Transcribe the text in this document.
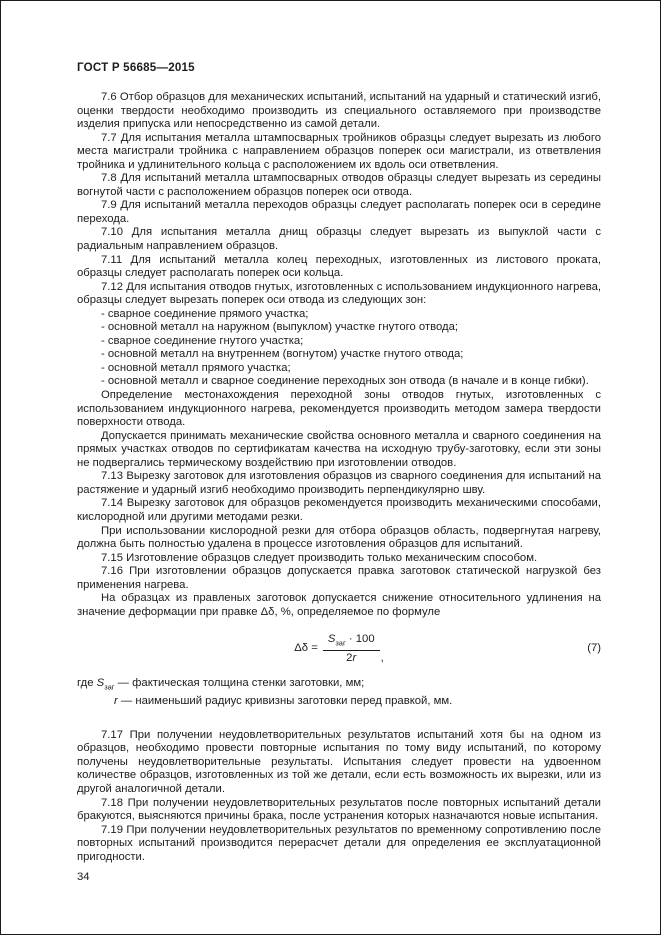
ГОСТ Р 56685—2015

7.6 Отбор образцов для механических испытаний, испытаний на ударный и статический изгиб, оценки твердости необходимо производить из специального оставляемого при производстве изделия припуска или непосредственно из самой детали.

7.7 Для испытания металла штампосварных тройников образцы следует вырезать из любого места магистрали тройника с направлением образцов поперек оси магистрали, из ответвления тройника и удлинительного кольца с расположением их вдоль оси ответвления.

7.8 Для испытаний металла штампосварных отводов образцы следует вырезать из середины вогнутой части с расположением образцов поперек оси отвода.

7.9 Для испытаний металла переходов образцы следует располагать поперек оси в середине перехода.

7.10 Для испытания металла днищ образцы следует вырезать из выпуклой части с радиальным направлением образцов.

7.11 Для испытаний металла колец переходных, изготовленных из листового проката, образцы следует располагать поперек оси кольца.

7.12 Для испытания отводов гнутых, изготовленных с использованием индукционного нагрева, образцы следует вырезать поперек оси отвода из следующих зон:

- сварное соединение прямого участка;
- основной металл на наружном (выпуклом) участке гнутого отвода;
- сварное соединение гнутого участка;
- основной металл на внутреннем (вогнутом) участке гнутого отвода;
- основной металл прямого участка;
- основной металл и сварное соединение переходных зон отвода (в начале и в конце гибки).

Определение местонахождения переходной зоны отводов гнутых, изготовленных с использованием индукционного нагрева, рекомендуется производить методом замера твердости поверхности отвода.

Допускается принимать механические свойства основного металла и сварного соединения на прямых участках отводов по сертификатам качества на исходную трубу-заготовку, если эти зоны не подвергались термическому воздействию при изготовлении отводов.

7.13 Вырезку заготовок для изготовления образцов из сварного соединения для испытаний на растяжение и ударный изгиб необходимо производить перпендикулярно шву.

7.14 Вырезку заготовок для образцов рекомендуется производить механическими способами, кислородной или другими методами резки.

При использовании кислородной резки для отбора образцов область, подвергнутая нагреву, должна быть полностью удалена в процессе изготовления образцов для испытаний.

7.15 Изготовление образцов следует производить только механическим способом.

7.16 При изготовлении образцов допускается правка заготовок статической нагрузкой без применения нагрева.

На образцах из правленых заготовок допускается снижение относительного удлинения на значение деформации при правке Δδ, %, определяемое по формуле

$\Delta\delta = \frac{S_{заг} \cdot 100}{2r}$ ,
(7)

где $S_{заг}$ — фактическая толщина стенки заготовки, мм;

r — наименьший радиус кривизны заготовки перед правкой, мм.

7.17 При получении неудовлетворительных результатов испытаний хотя бы на одном из образцов, необходимо провести повторные испытания по тому виду испытаний, по которому получены неудовлетворительные результаты. Испытания следует провести на удвоенном количестве образцов, изготовленных из той же детали, если есть возможность их вырезки, или из другой аналогичной детали.

7.18 При получении неудовлетворительных результатов после повторных испытаний детали бракуются, выясняются причины брака, после устранения которых назначаются новые испытания.

7.19 При получении неудовлетворительных результатов по временному сопротивлению после повторных испытаний производится перерасчет детали для определения ее эксплуатационной пригодности.

34
